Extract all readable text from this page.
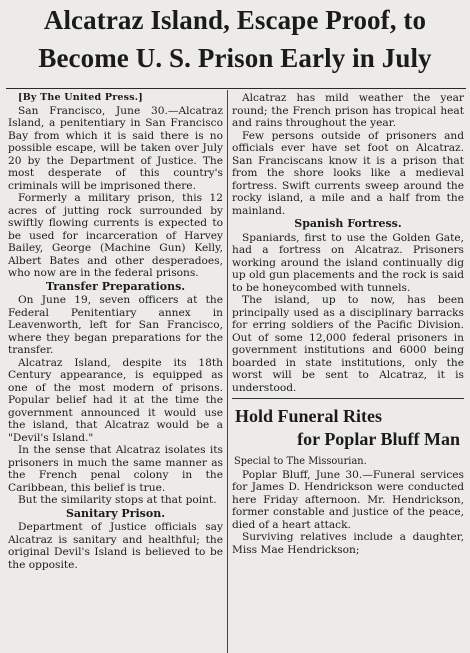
Alcatraz Island, Escape Proof, to
Become U. S. Prison Early in July

[By The United Press.]

San Francisco, June 30.—Alcatraz Island, a penitentiary in San Francisco Bay from which it is said there is no possible escape, will be taken over July 20 by the Department of Justice. The most desperate of this country's criminals will be imprisoned there.

Formerly a military prison, this 12 acres of jutting rock surrounded by swiftly flowing currents is expected to be used for incarceration of Harvey Bailey, George (Machine Gun) Kelly, Albert Bates and other desperadoes, who now are in the federal prisons.

Transfer Preparations.

On June 19, seven officers at the Federal Penitentiary annex in Leavenworth, left for San Francisco, where they began preparations for the transfer.

Alcatraz Island, despite its 18th Century appearance, is equipped as one of the most modern of prisons. Popular belief had it at the time the government announced it would use the island, that Alcatraz would be a "Devil's Island."

In the sense that Alcatraz isolates its prisoners in much the same manner as the French penal colony in the Caribbean, this belief is true.

But the similarity stops at that point.

Sanitary Prison.

Department of Justice officials say Alcatraz is sanitary and healthful; the original Devil's Island is believed to be the opposite.

Alcatraz has mild weather the year round; the French prison has tropical heat and rains throughout the year.

Few persons outside of prisoners and officials ever have set foot on Alcatraz. San Franciscans know it is a prison that from the shore looks like a medieval fortress. Swift currents sweep around the rocky island, a mile and a half from the mainland.

Spanish Fortress.

Spaniards, first to use the Golden Gate, had a fortress on Alcatraz. Prisoners working around the island continually dig up old gun placements and the rock is said to be honeycombed with tunnels.

The island, up to now, has been principally used as a disciplinary barracks for erring soldiers of the Pacific Division. Out of some 12,000 federal prisoners in government institutions and 6000 being boarded in state institutions, only the worst will be sent to Alcatraz, it is understood.

Hold Funeral Rites

for Poplar Bluff Man

Special to The Missourian.

Poplar Bluff, June 30.—Funeral services for James D. Hendrickson were conducted here Friday afternoon. Mr. Hendrickson, former constable and justice of the peace, died of a heart attack.

Surviving relatives include a daughter, Miss Mae Hendrickson;
